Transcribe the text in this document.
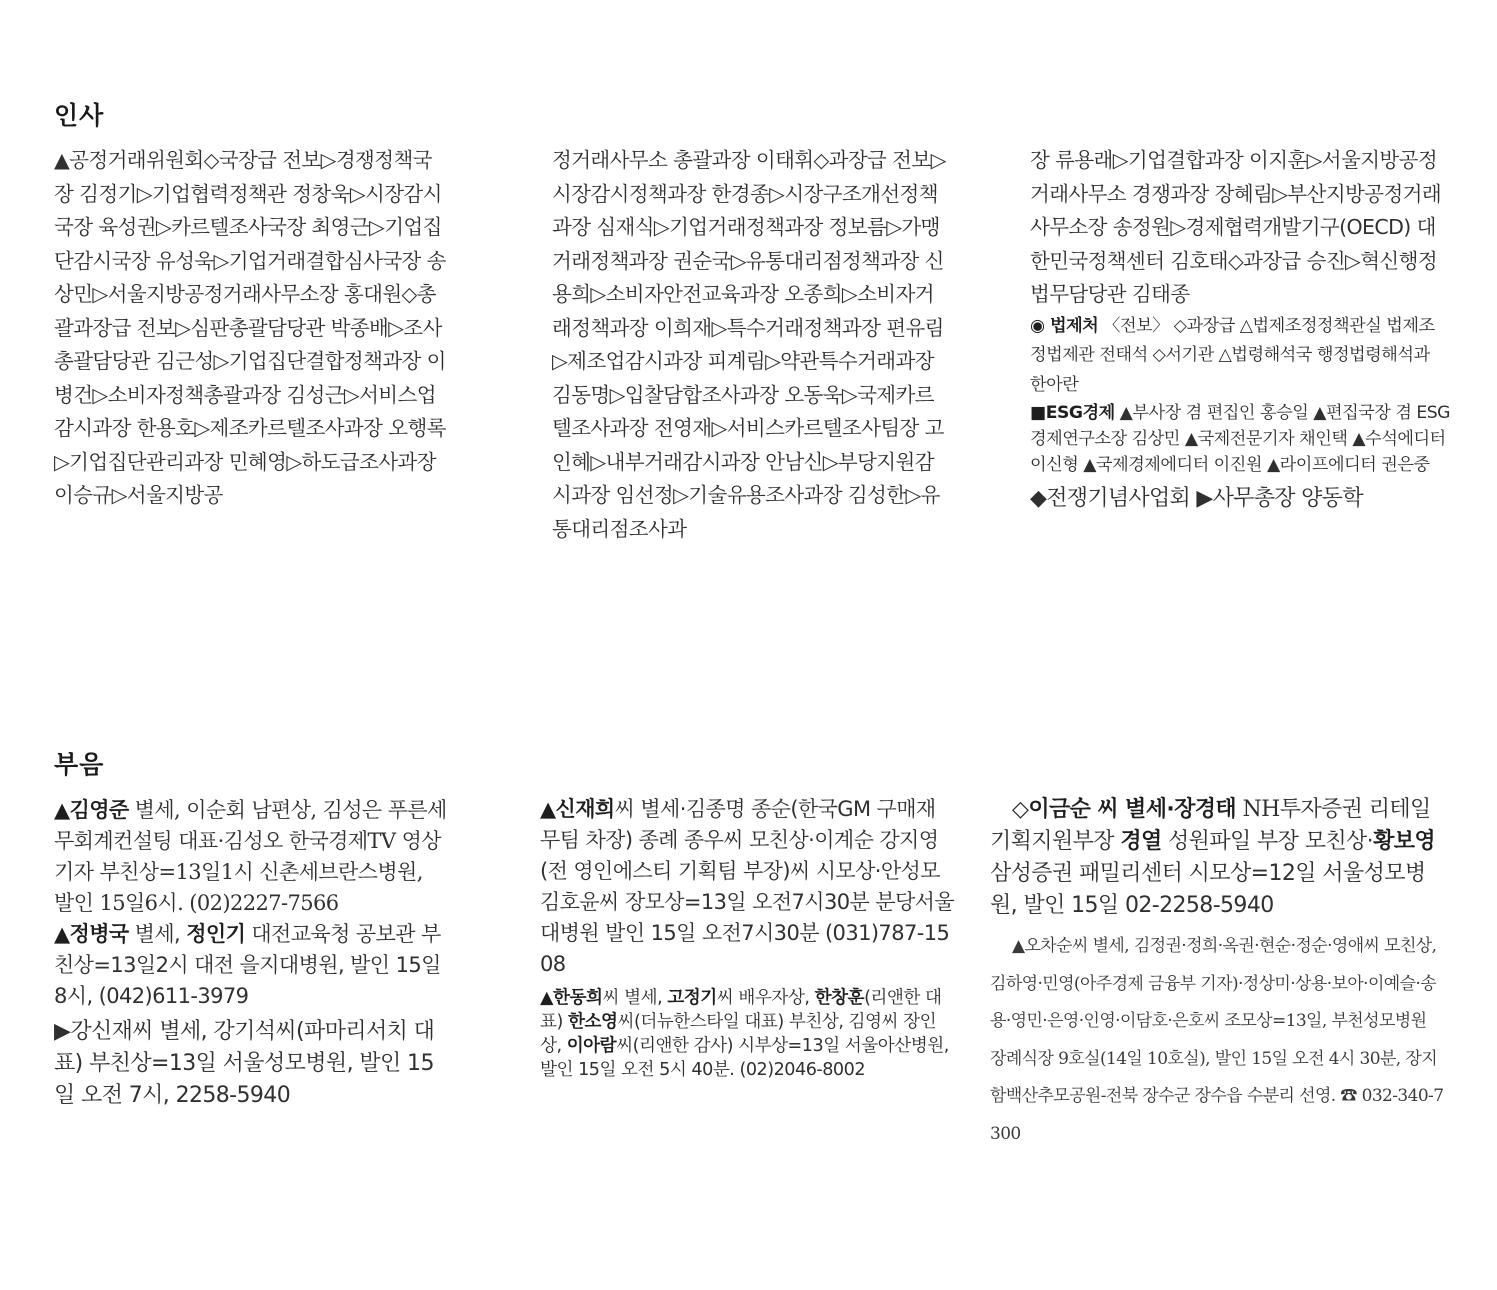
인사

▲공정거래위원회◇국장급 전보▷경쟁정책국장 김정기▷기업협력정책관 정창욱▷시장감시국장 육성권▷카르텔조사국장 최영근▷기업집단감시국장 유성욱▷기업거래결합심사국장 송상민▷서울지방공정거래사무소장 홍대원◇총괄과장급 전보▷심판총괄담당관 박종배▷조사총괄담당관 김근성▷기업집단결합정책과장 이병건▷소비자정책총괄과장 김성근▷서비스업감시과장 한용호▷제조카르텔조사과장 오행록▷기업집단관리과장 민혜영▷하도급조사과장 이승규▷서울지방공

정거래사무소 총괄과장 이태휘◇과장급 전보▷시장감시정책과장 한경종▷시장구조개선정책과장 심재식▷기업거래정책과장 정보름▷가맹거래정책과장 권순국▷유통대리점정책과장 신용희▷소비자안전교육과장 오종희▷소비자거래정책과장 이희재▷특수거래정책과장 편유림▷제조업감시과장 피계림▷약관특수거래과장 김동명▷입찰담합조사과장 오동욱▷국제카르텔조사과장 전영재▷서비스카르텔조사팀장 고인혜▷내부거래감시과장 안남신▷부당지원감시과장 임선정▷기술유용조사과장 김성한▷유통대리점조사과

장 류용래▷기업결합과장 이지훈▷서울지방공정거래사무소 경쟁과장 장혜림▷부산지방공정거래사무소장 송정원▷경제협력개발기구(OECD) 대한민국정책센터 김호태◇과장급 승진▷혁신행정법무담당관 김태종
◉ 법제처 〈전보〉 ◇과장급 △법제조정정책관실 법제조정법제관 전태석 ◇서기관 △법령해석국 행정법령해석과 한아란
■ESG경제 ▲부사장 겸 편집인 홍승일 ▲편집국장 겸 ESG경제연구소장 김상민 ▲국제전문기자 채인택 ▲수석에디터 이신형 ▲국제경제에디터 이진원 ▲라이프에디터 권은중
◆전쟁기념사업회 ▶사무총장 양동학
부음
▲김영준 별세, 이순회 남편상, 김성은 푸른세무회계컨설팅 대표·김성오 한국경제TV 영상기자 부친상=13일1시 신촌세브란스병원, 발인 15일6시. (02)2227-7566
▲정병국 별세, 정인기 대전교육청 공보관 부친상=13일2시 대전 을지대병원, 발인 15일8시, (042)611-3979
▶강신재씨 별세, 강기석씨(파마리서치 대표) 부친상=13일 서울성모병원, 발인 15일 오전 7시, 2258-5940
▲신재희씨 별세·김종명 종순(한국GM 구매재무팀 차장) 종례 종우씨 모친상·이계순 강지영(전 영인에스티 기획팀 부장)씨 시모상·안성모 김호윤씨 장모상=13일 오전7시30분 분당서울대병원 발인 15일 오전7시30분 (031)787-1508
▲한동희씨 별세, 고정기씨 배우자상, 한창훈(리앤한 대표) 한소영씨(더뉴한스타일 대표) 부친상, 김영씨 장인상, 이아람씨(리앤한 감사) 시부상=13일 서울아산병원, 발인 15일 오전 5시 40분. (02)2046-8002
◇이금순 씨 별세·장경태 NH투자증권 리테일기획지원부장 경열 성원파일 부장 모친상·황보영 삼성증권 패밀리센터 시모상=12일 서울성모병원, 발인 15일 02-2258-5940
▲오차순씨 별세, 김정권·정희·옥권·현순·정순·영애씨 모친상, 김하영·민영(아주경제 금융부 기자)·정상미·상용·보아·이예슬·송용·영민·은영·인영·이담호·은호씨 조모상=13일, 부천성모병원 장례식장 9호실(14일 10호실), 발인 15일 오전 4시 30분, 장지 함백산추모공원-전북 장수군 장수읍 수분리 선영. ☎ 032-340-7300
